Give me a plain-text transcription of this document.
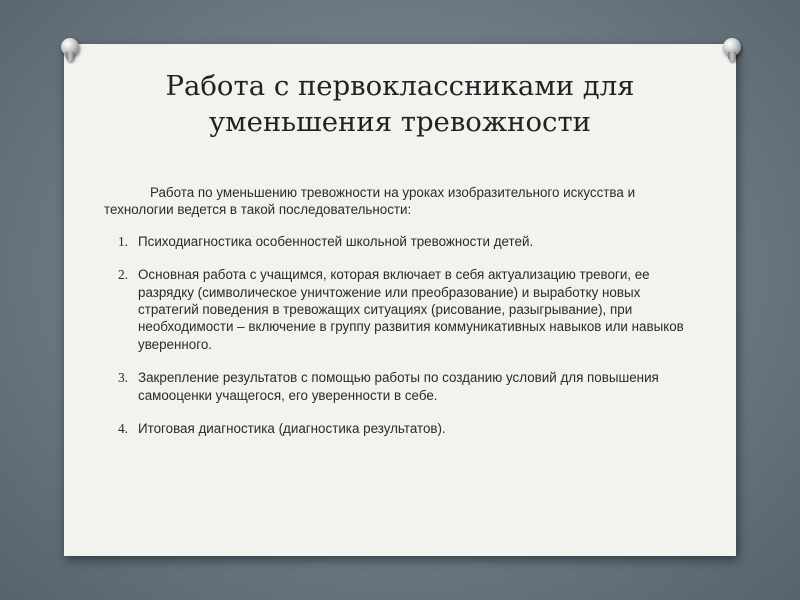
Работа с первоклассниками для
уменьшения тревожности

Работа по уменьшению тревожности на уроках изобразительного искусства и технологии ведется в такой последовательности:

1. Психодиагностика особенностей школьной тревожности детей.
2. Основная работа с учащимся, которая включает в себя актуализацию тревоги, ее разрядку (символическое уничтожение или преобразование) и выработку новых стратегий поведения в тревожащих ситуациях (рисование, разыгрывание), при необходимости – включение в группу развития коммуникативных навыков или навыков уверенного.
3. Закрепление результатов с помощью работы по созданию условий для повышения самооценки учащегося, его уверенности в себе.
4. Итоговая диагностика (диагностика результатов).
